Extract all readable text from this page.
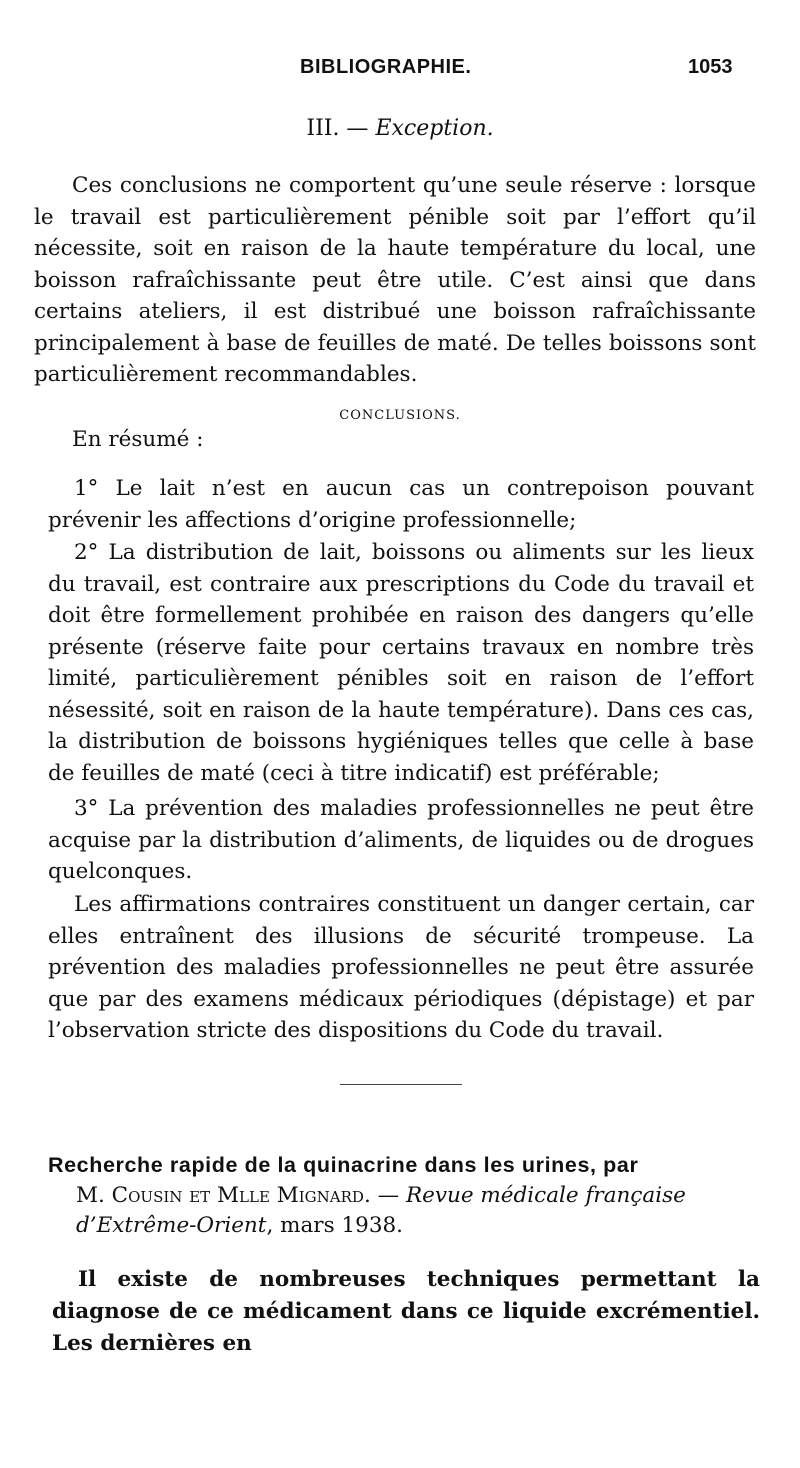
BIBLIOGRAPHIE.	1053
III. — Exception.

Ces conclusions ne comportent qu’une seule réserve : lorsque le travail est particulièrement pénible soit par l’effort qu’il nécessite, soit en raison de la haute température du local, une boisson rafraîchissante peut être utile. C’est ainsi que dans certains ateliers, il est distribué une boisson rafraîchissante principalement à base de feuilles de maté. De telles boissons sont particulièrement recommandables.

CONCLUSIONS.
En résumé :

1° Le lait n’est en aucun cas un contrepoison pouvant prévenir les affections d’origine professionnelle;

2° La distribution de lait, boissons ou aliments sur les lieux du travail, est contraire aux prescriptions du Code du travail et doit être formellement prohibée en raison des dangers qu’elle présente (réserve faite pour certains travaux en nombre très limité, particulièrement pénibles soit en raison de l’effort nésessité, soit en raison de la haute température). Dans ces cas, la distribution de boissons hygiéniques telles que celle à base de feuilles de maté (ceci à titre indicatif) est préférable;

3° La prévention des maladies professionnelles ne peut être acquise par la distribution d’aliments, de liquides ou de drogues quelconques.

Les affirmations contraires constituent un danger certain, car elles entraînent des illusions de sécurité trompeuse. La prévention des maladies professionnelles ne peut être assurée que par des examens médicaux périodiques (dépistage) et par l’observation stricte des dispositions du Code du travail.

Recherche rapide de la quinacrine dans les urines, par
M. Cousin et Mlle Mignard. — Revue médicale française d’Extrême-Orient, mars 1938.

Il existe de nombreuses techniques permettant la diagnose de ce médicament dans ce liquide excrémentiel. Les dernières en
